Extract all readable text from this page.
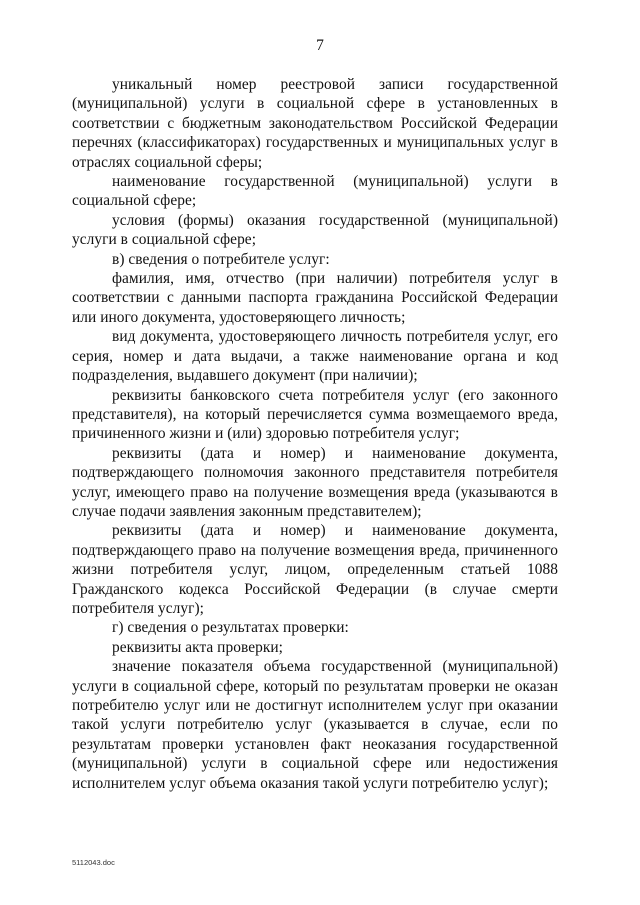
7

уникальный номер реестровой записи государственной (муниципальной) услуги в социальной сфере в установленных в соответствии с бюджетным законодательством Российской Федерации перечнях (классификаторах) государственных и муниципальных услуг в отраслях социальной сферы;

наименование государственной (муниципальной) услуги в социальной сфере;

условия (формы) оказания государственной (муниципальной) услуги в социальной сфере;

в) сведения о потребителе услуг:

фамилия, имя, отчество (при наличии) потребителя услуг в соответствии с данными паспорта гражданина Российской Федерации или иного документа, удостоверяющего личность;

вид документа, удостоверяющего личность потребителя услуг, его серия, номер и дата выдачи, а также наименование органа и код подразделения, выдавшего документ (при наличии);

реквизиты банковского счета потребителя услуг (его законного представителя), на который перечисляется сумма возмещаемого вреда, причиненного жизни и (или) здоровью потребителя услуг;

реквизиты (дата и номер) и наименование документа, подтверждающего полномочия законного представителя потребителя услуг, имеющего право на получение возмещения вреда (указываются в случае подачи заявления законным представителем);

реквизиты (дата и номер) и наименование документа, подтверждающего право на получение возмещения вреда, причиненного жизни потребителя услуг, лицом, определенным статьей 1088 Гражданского кодекса Российской Федерации (в случае смерти потребителя услуг);

г) сведения о результатах проверки:

реквизиты акта проверки;

значение показателя объема государственной (муниципальной) услуги в социальной сфере, который по результатам проверки не оказан потребителю услуг или не достигнут исполнителем услуг при оказании такой услуги потребителю услуг (указывается в случае, если по результатам проверки установлен факт неоказания государственной (муниципальной) услуги в социальной сфере или недостижения исполнителем услуг объема оказания такой услуги потребителю услуг);

5112043.doc
